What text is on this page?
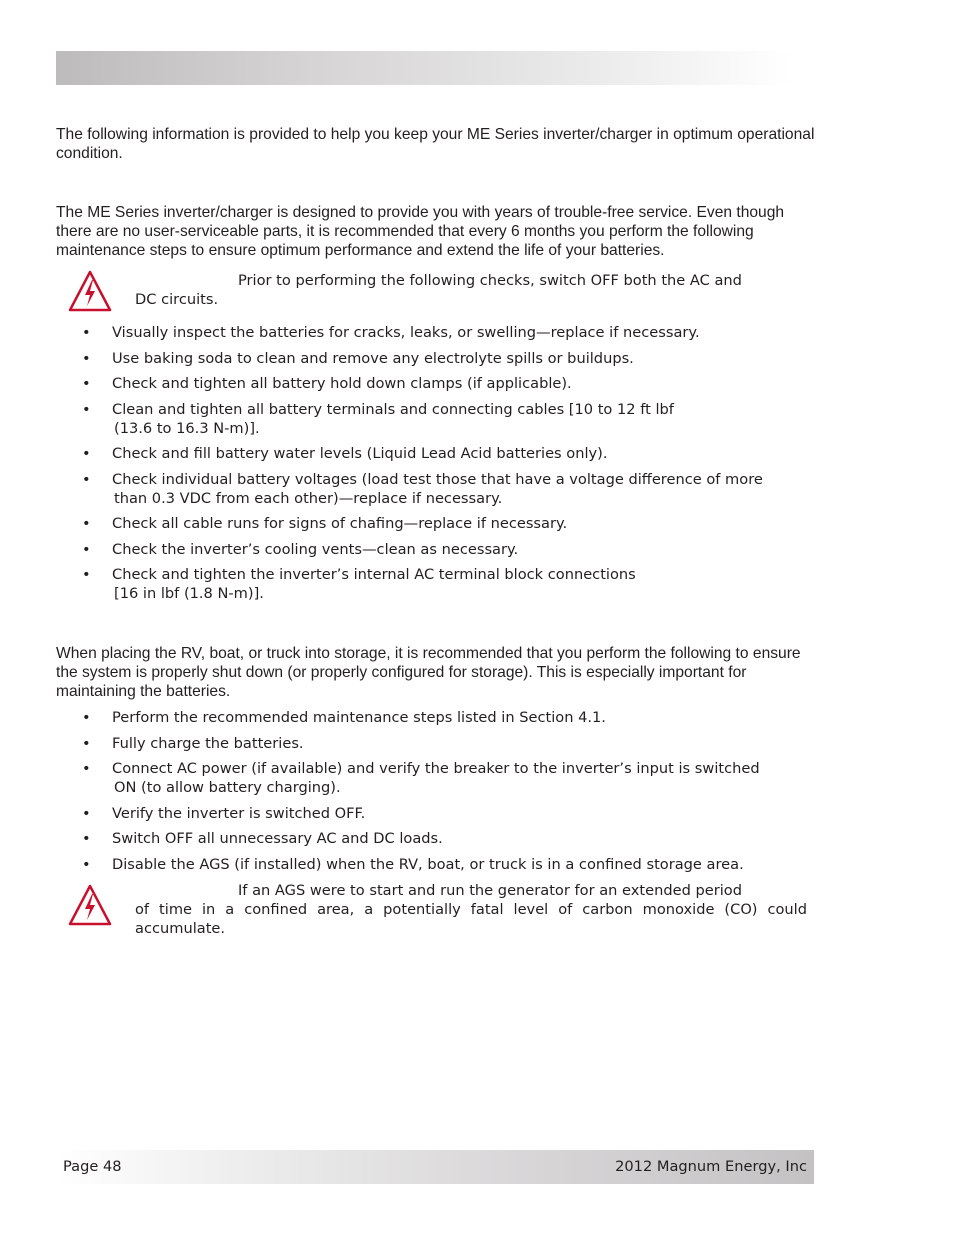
The following information is provided to help you keep your ME Series inverter/charger in optimum operational condition.
The ME Series inverter/charger is designed to provide you with years of trouble-free service. Even though there are no user-serviceable parts, it is recommended that every 6 months you perform the following maintenance steps to ensure optimum performance and extend the life of your batteries.
Prior to performing the following checks, switch OFF both the AC and
DC circuits.
• Visually inspect the batteries for cracks, leaks, or swelling—replace if necessary.
• Use baking soda to clean and remove any electrolyte spills or buildups.
• Check and tighten all battery hold down clamps (if applicable).
• Clean and tighten all battery terminals and connecting cables [10 to 12 ft lbf
(13.6 to 16.3 N-m)].
• Check and fill battery water levels (Liquid Lead Acid batteries only).
• Check individual battery voltages (load test those that have a voltage difference of more
than 0.3 VDC from each other)—replace if necessary.
• Check all cable runs for signs of chafing—replace if necessary.
• Check the inverter’s cooling vents—clean as necessary.
• Check and tighten the inverter’s internal AC terminal block connections
[16 in lbf (1.8 N-m)].
When placing the RV, boat, or truck into storage, it is recommended that you perform the following to ensure the system is properly shut down (or properly configured for storage). This is especially important for maintaining the batteries.
• Perform the recommended maintenance steps listed in Section 4.1.
• Fully charge the batteries.
• Connect AC power (if available) and verify the breaker to the inverter’s input is switched
ON (to allow battery charging).
• Verify the inverter is switched OFF.
• Switch OFF all unnecessary AC and DC loads.
• Disable the AGS (if installed) when the RV, boat, or truck is in a confined storage area.
If an AGS were to start and run the generator for an extended period
of time in a confined area, a potentially fatal level of carbon monoxide (CO) could accumulate.
Page 48	2012 Magnum Energy, Inc
